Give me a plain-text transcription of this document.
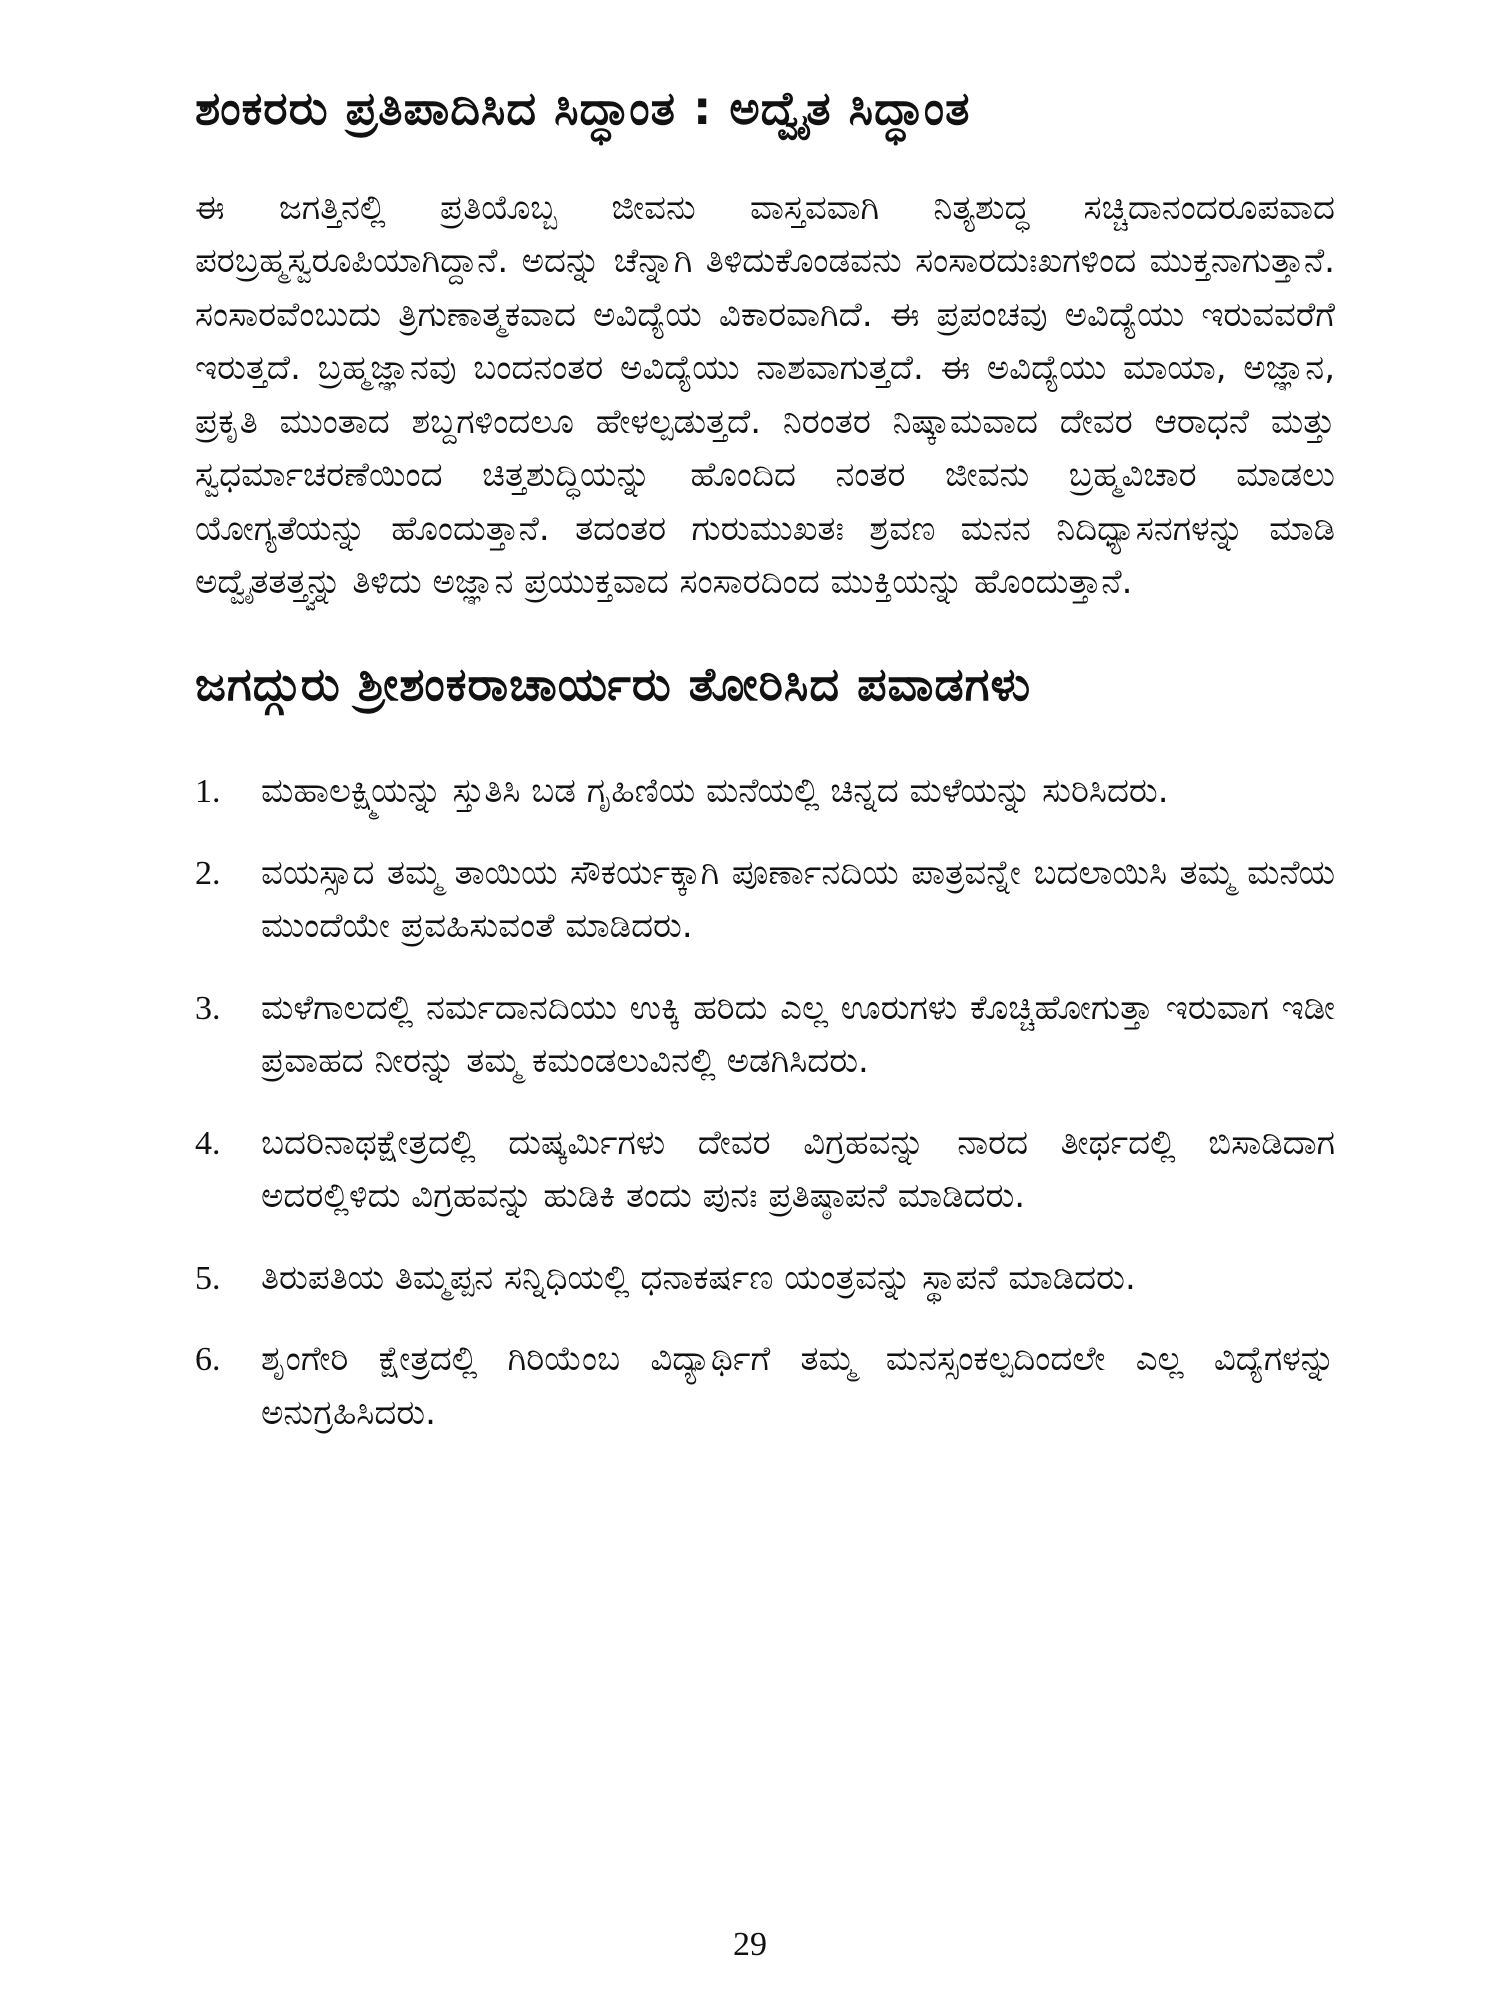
ಶಂಕರರು ಪ್ರತಿಪಾದಿಸಿದ ಸಿದ್ಧಾಂತ : ಅದ್ವೈತ ಸಿದ್ಧಾಂತ

ಈ ಜಗತ್ತಿನಲ್ಲಿ ಪ್ರತಿಯೊಬ್ಬ ಜೀವನು ವಾಸ್ತವವಾಗಿ ನಿತ್ಯಶುದ್ಧ ಸಚ್ಚಿದಾನಂದರೂಪವಾದ ಪರಬ್ರಹ್ಮಸ್ವರೂಪಿಯಾಗಿದ್ದಾನೆ. ಅದನ್ನು ಚೆನ್ನಾಗಿ ತಿಳಿದುಕೊಂಡವನು ಸಂಸಾರದುಃಖಗಳಿಂದ ಮುಕ್ತನಾಗುತ್ತಾನೆ. ಸಂಸಾರವೆಂಬುದು ತ್ರಿಗುಣಾತ್ಮಕವಾದ ಅವಿದ್ಯೆಯ ವಿಕಾರವಾಗಿದೆ. ಈ ಪ್ರಪಂಚವು ಅವಿದ್ಯೆಯು ಇರುವವರೆಗೆ ಇರುತ್ತದೆ. ಬ್ರಹ್ಮಜ್ಞಾನವು ಬಂದನಂತರ ಅವಿದ್ಯೆಯು ನಾಶವಾಗುತ್ತದೆ. ಈ ಅವಿದ್ಯೆಯು ಮಾಯಾ, ಅಜ್ಞಾನ, ಪ್ರಕೃತಿ ಮುಂತಾದ ಶಬ್ದಗಳಿಂದಲೂ ಹೇಳಲ್ಪಡುತ್ತದೆ. ನಿರಂತರ ನಿಷ್ಕಾಮವಾದ ದೇವರ ಆರಾಧನೆ ಮತ್ತು ಸ್ವಧರ್ಮಾಚರಣೆಯಿಂದ ಚಿತ್ತಶುದ್ಧಿಯನ್ನು ಹೊಂದಿದ ನಂತರ ಜೀವನು ಬ್ರಹ್ಮವಿಚಾರ ಮಾಡಲು ಯೋಗ್ಯತೆಯನ್ನು ಹೊಂದುತ್ತಾನೆ. ತದಂತರ ಗುರುಮುಖತಃ ಶ್ರವಣ ಮನನ ನಿದಿಧ್ಯಾಸನಗಳನ್ನು ಮಾಡಿ ಅದ್ವೈತತತ್ತ್ವನ್ನು ತಿಳಿದು ಅಜ್ಞಾನ ಪ್ರಯುಕ್ತವಾದ ಸಂಸಾರದಿಂದ ಮುಕ್ತಿಯನ್ನು ಹೊಂದುತ್ತಾನೆ.

ಜಗದ್ಗುರು ಶ್ರೀಶಂಕರಾಚಾರ್ಯರು ತೋರಿಸಿದ ಪವಾಡಗಳು
1.	ಮಹಾಲಕ್ಷ್ಮಿಯನ್ನು ಸ್ತುತಿಸಿ ಬಡ ಗೃಹಿಣಿಯ ಮನೆಯಲ್ಲಿ ಚಿನ್ನದ ಮಳೆಯನ್ನು ಸುರಿಸಿದರು.
2.	ವಯಸ್ಸಾದ ತಮ್ಮ ತಾಯಿಯ ಸೌಕರ್ಯಕ್ಕಾಗಿ ಪೂರ್ಣಾನದಿಯ ಪಾತ್ರವನ್ನೇ ಬದಲಾಯಿಸಿ ತಮ್ಮ ಮನೆಯ ಮುಂದೆಯೇ ಪ್ರವಹಿಸುವಂತೆ ಮಾಡಿದರು.
3.	ಮಳೆಗಾಲದಲ್ಲಿ ನರ್ಮದಾನದಿಯು ಉಕ್ಕಿ ಹರಿದು ಎಲ್ಲ ಊರುಗಳು ಕೊಚ್ಚಿಹೋಗುತ್ತಾ ಇರುವಾಗ ಇಡೀ ಪ್ರವಾಹದ ನೀರನ್ನು ತಮ್ಮ ಕಮಂಡಲುವಿನಲ್ಲಿ ಅಡಗಿಸಿದರು.
4.	ಬದರಿನಾಥಕ್ಷೇತ್ರದಲ್ಲಿ ದುಷ್ಕರ್ಮಿಗಳು ದೇವರ ವಿಗ್ರಹವನ್ನು ನಾರದ ತೀರ್ಥದಲ್ಲಿ ಬಿಸಾಡಿದಾಗ ಅದರಲ್ಲಿಳಿದು ವಿಗ್ರಹವನ್ನು ಹುಡಿಕಿ ತಂದು ಪುನಃ ಪ್ರತಿಷ್ಠಾಪನೆ ಮಾಡಿದರು.
5.	ತಿರುಪತಿಯ ತಿಮ್ಮಪ್ಪನ ಸನ್ನಿಧಿಯಲ್ಲಿ ಧನಾಕರ್ಷಣ ಯಂತ್ರವನ್ನು ಸ್ಥಾಪನೆ ಮಾಡಿದರು.
6.	ಶೃಂಗೇರಿ ಕ್ಷೇತ್ರದಲ್ಲಿ ಗಿರಿಯೆಂಬ ವಿದ್ಯಾರ್ಥಿಗೆ ತಮ್ಮ ಮನಸ್ಸಂಕಲ್ಪದಿಂದಲೇ ಎಲ್ಲ ವಿದ್ಯೆಗಳನ್ನು ಅನುಗ್ರಹಿಸಿದರು.
29
